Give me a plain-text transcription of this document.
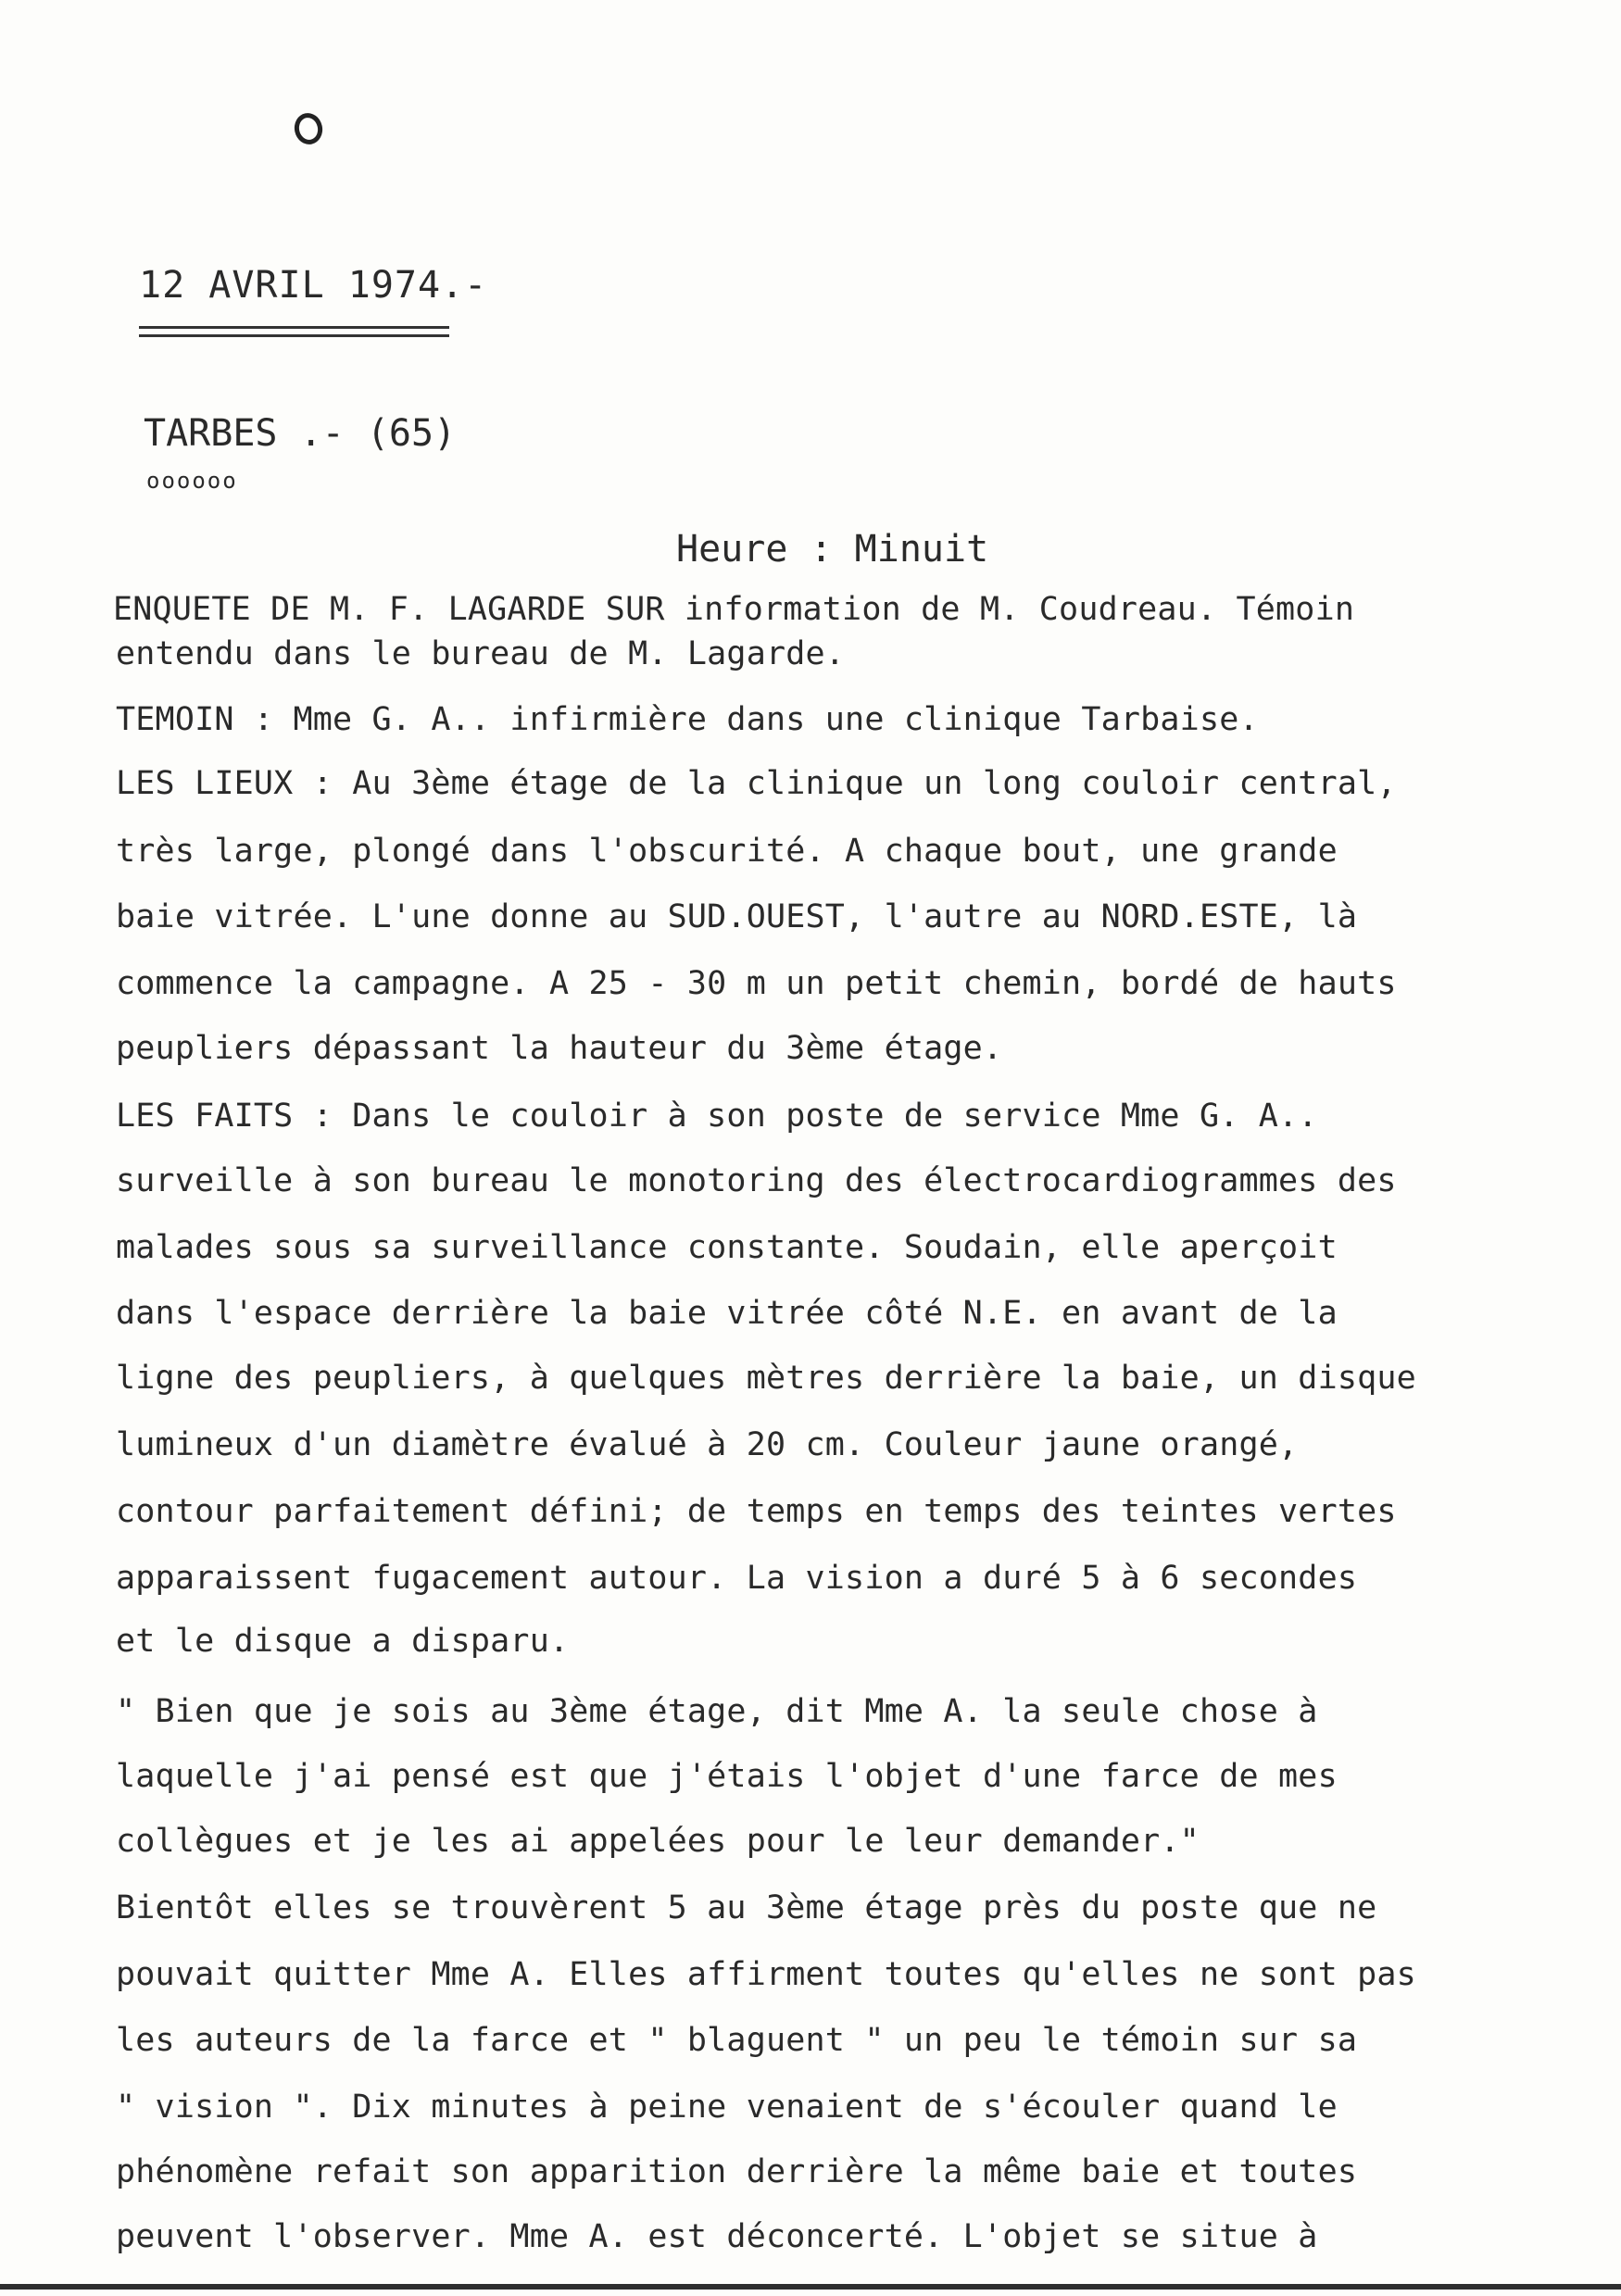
12 AVRIL 1974.-
TARBES .- (65)
oooooo
Heure : Minuit
ENQUETE DE M. F. LAGARDE SUR information de M. Coudreau. Témoin
entendu dans le bureau de M. Lagarde.
TEMOIN : Mme G. A.. infirmière dans une clinique Tarbaise.
LES LIEUX : Au 3ème étage de la clinique un long couloir central,
très large, plongé dans l'obscurité. A chaque bout, une grande
baie vitrée. L'une donne au SUD.OUEST, l'autre au NORD.ESTE, là
commence la campagne. A 25 - 30 m un petit chemin, bordé de hauts
peupliers dépassant la hauteur du 3ème étage.
LES FAITS : Dans le couloir à son poste de service Mme G. A..
surveille à son bureau le monotoring des électrocardiogrammes des
malades sous sa surveillance constante. Soudain, elle aperçoit
dans l'espace derrière la baie vitrée côté N.E. en avant de la
ligne des peupliers, à quelques mètres derrière la baie, un disque
lumineux d'un diamètre évalué à 20 cm. Couleur jaune orangé,
contour parfaitement défini; de temps en temps des teintes vertes
apparaissent fugacement autour. La vision a duré 5 à 6 secondes
et le disque a disparu.
" Bien que je sois au 3ème étage, dit Mme A. la seule chose à
laquelle j'ai pensé est que j'étais l'objet d'une farce de mes
collègues et je les ai appelées pour le leur demander."
Bientôt elles se trouvèrent 5 au 3ème étage près du poste que ne
pouvait quitter Mme A. Elles affirment toutes qu'elles ne sont pas
les auteurs de la farce et " blaguent " un peu le témoin sur sa
" vision ". Dix minutes à peine venaient de s'écouler quand le
phénomène refait son apparition derrière la même baie et toutes
peuvent l'observer. Mme A. est déconcerté. L'objet se situe à
